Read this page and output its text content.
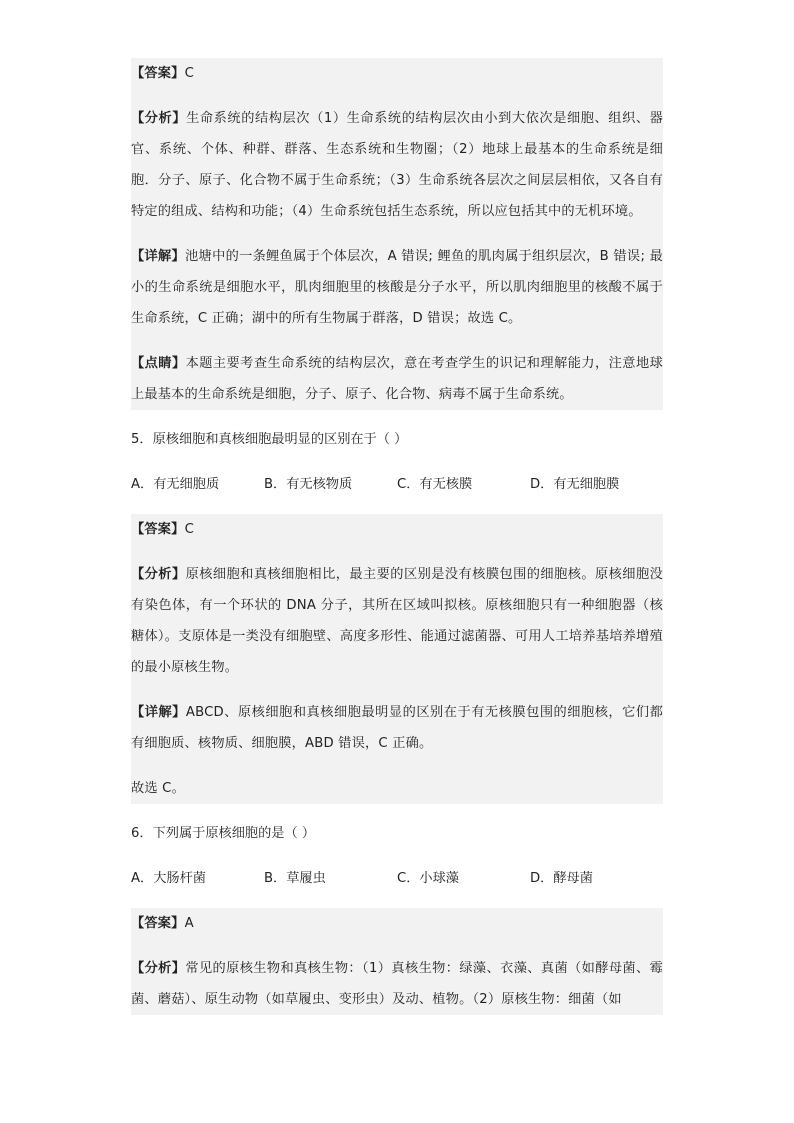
【答案】C

【分析】生命系统的结构层次（1）生命系统的结构层次由小到大依次是细胞、组织、器官、系统、个体、种群、群落、生态系统和生物圈；（2）地球上最基本的生命系统是细胞．分子、原子、化合物不属于生命系统；（3）生命系统各层次之间层层相依，又各自有特定的组成、结构和功能；（4）生命系统包括生态系统，所以应包括其中的无机环境。

【详解】池塘中的一条鲤鱼属于个体层次，A 错误; 鲤鱼的肌肉属于组织层次，B 错误; 最小的生命系统是细胞水平，肌肉细胞里的核酸是分子水平，所以肌肉细胞里的核酸不属于生命系统，C 正确；湖中的所有生物属于群落，D 错误；故选 C。

【点睛】本题主要考查生命系统的结构层次，意在考查学生的识记和理解能力，注意地球上最基本的生命系统是细胞，分子、原子、化合物、病毒不属于生命系统。

5．原核细胞和真核细胞最明显的区别在于（ ）

A．有无细胞质	B．有无核物质	C．有无核膜	D．有无细胞膜

【答案】C

【分析】原核细胞和真核细胞相比，最主要的区别是没有核膜包围的细胞核。原核细胞没有染色体，有一个环状的 DNA 分子，其所在区域叫拟核。原核细胞只有一种细胞器（核糖体）。支原体是一类没有细胞壁、高度多形性、能通过滤菌器、可用人工培养基培养增殖的最小原核生物。

【详解】ABCD、原核细胞和真核细胞最明显的区别在于有无核膜包围的细胞核，它们都有细胞质、核物质、细胞膜，ABD 错误，C 正确。

故选 C。

6．下列属于原核细胞的是（ ）

A．大肠杆菌	B．草履虫	C．小球藻	D．酵母菌

【答案】A

【分析】常见的原核生物和真核生物：（1）真核生物：绿藻、衣藻、真菌（如酵母菌、霉菌、蘑菇）、原生动物（如草履虫、变形虫）及动、植物。（2）原核生物：细菌（如
